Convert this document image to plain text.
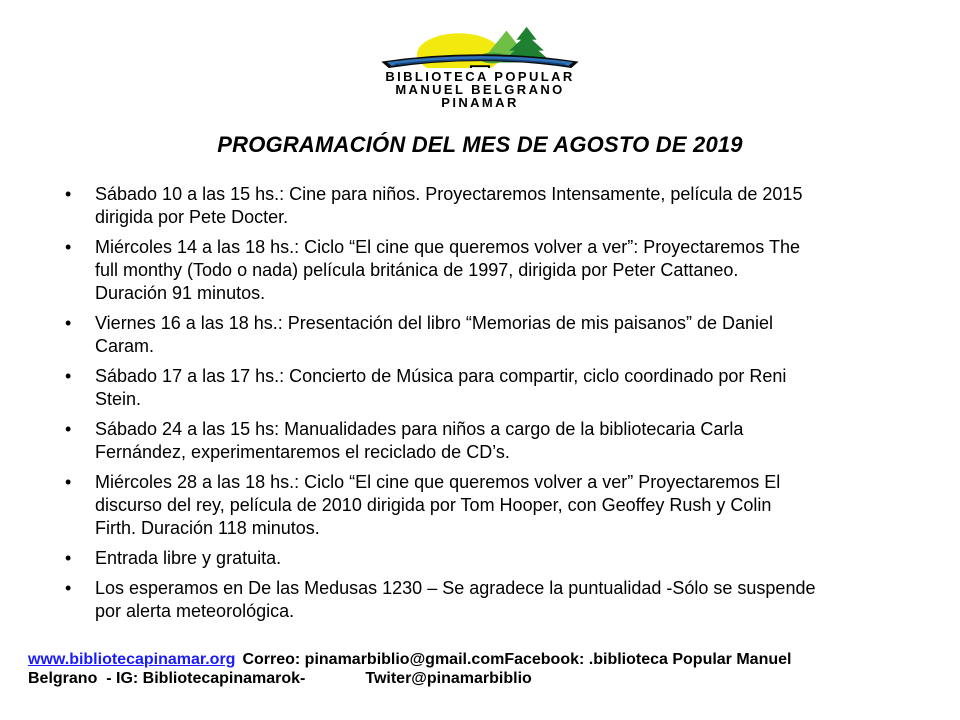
BIBLIOTECA POPULAR
MANUEL BELGRANO
PINAMAR
PROGRAMACIÓN DEL MES DE AGOSTO DE 2019
•
Sábado 10 a las 15 hs.: Cine para niños. Proyectaremos Intensamente, película de 2015
dirigida por Pete Docter.
•
Miércoles 14 a las 18 hs.: Ciclo “El cine que queremos volver a ver”: Proyectaremos The
full monthy (Todo o nada) película británica de 1997, dirigida por Peter Cattaneo.
Duración 91 minutos.
•
Viernes 16 a las 18 hs.: Presentación del libro “Memorias de mis paisanos” de Daniel
Caram.
•
Sábado 17 a las 17 hs.: Concierto de Música para compartir, ciclo coordinado por Reni
Stein.
•
Sábado 24 a las 15 hs: Manualidades para niños a cargo de la bibliotecaria Carla
Fernández, experimentaremos el reciclado de CD’s.
•
Miércoles 28 a las 18 hs.: Ciclo “El cine que queremos volver a ver” Proyectaremos El
discurso del rey, película de 2010 dirigida por Tom Hooper, con Geoffey Rush y Colin
Firth. Duración 118 minutos.
•
Entrada libre y gratuita.
•
Los esperamos en De las Medusas 1230 – Se agradece la puntualidad -Sólo se suspende
por alerta meteorológica.

www.bibliotecapinamar.org Correo: pinamarbiblio@gmail.comFacebook: .biblioteca Popular Manuel

Belgrano  - IG: Bibliotecapinamarok-	Twiter@pinamarbiblio
